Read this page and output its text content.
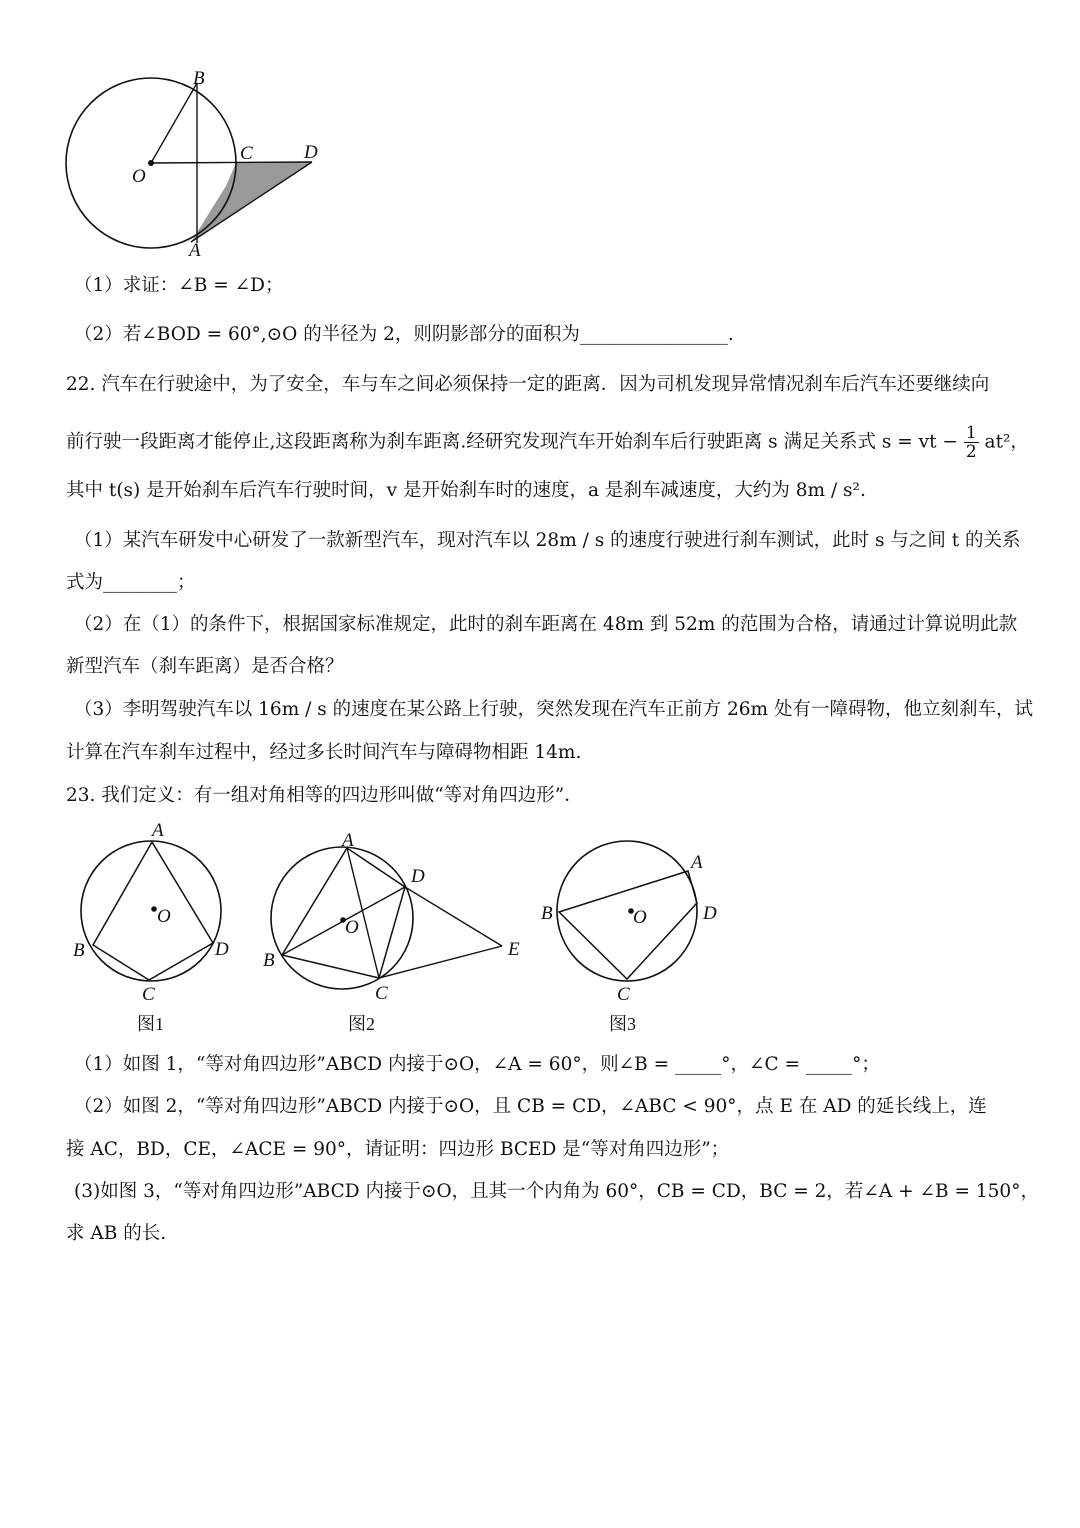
B
C	D
O
A
（1）求证：∠B = ∠D；
（2）若∠BOD = 60°,⊙O 的半径为 2，则阴影部分的面积为________________.
22. 汽车在行驶途中，为了安全，车与车之间必须保持一定的距离．因为司机发现异常情况刹车后汽车还要继续向
前行驶一段距离才能停止,这段距离称为刹车距离.经研究发现汽车开始刹车后行驶距离 s 满足关系式 s = vt − $\frac{1}{2} at^2$，
其中 t(s) 是开始刹车后汽车行驶时间，v 是开始刹车时的速度，a 是刹车减速度，大约为 8m / s².
（1）某汽车研发中心研发了一款新型汽车，现对汽车以 28m / s 的速度行驶进行刹车测试，此时 s 与之间 t 的关系
式为________；
（2）在（1）的条件下，根据国家标准规定，此时的刹车距离在 48m 到 52m 的范围为合格，请通过计算说明此款
新型汽车（刹车距离）是否合格？
（3）李明驾驶汽车以 16m / s 的速度在某公路上行驶，突然发现在汽车正前方 26m 处有一障碍物，他立刻刹车，试
计算在汽车刹车过程中，经过多长时间汽车与障碍物相距 14m.
23. 我们定义：有一组对角相等的四边形叫做“等对角四边形”．
A
O
B	D
C
图1
A
D
O
B
C
E
图2
A
B	O	D
C
图3
（1）如图 1，“等对角四边形”ABCD 内接于⊙O，∠A = 60°，则∠B = _____°，∠C = _____°；
（2）如图 2，“等对角四边形”ABCD 内接于⊙O，且 CB = CD，∠ABC < 90°，点 E 在 AD 的延长线上，连
接 AC，BD，CE，∠ACE = 90°，请证明：四边形 BCED 是“等对角四边形”；
(3)如图 3，“等对角四边形”ABCD 内接于⊙O，且其一个内角为 60°，CB = CD，BC = 2，若∠A + ∠B = 150°，
求 AB 的长.
